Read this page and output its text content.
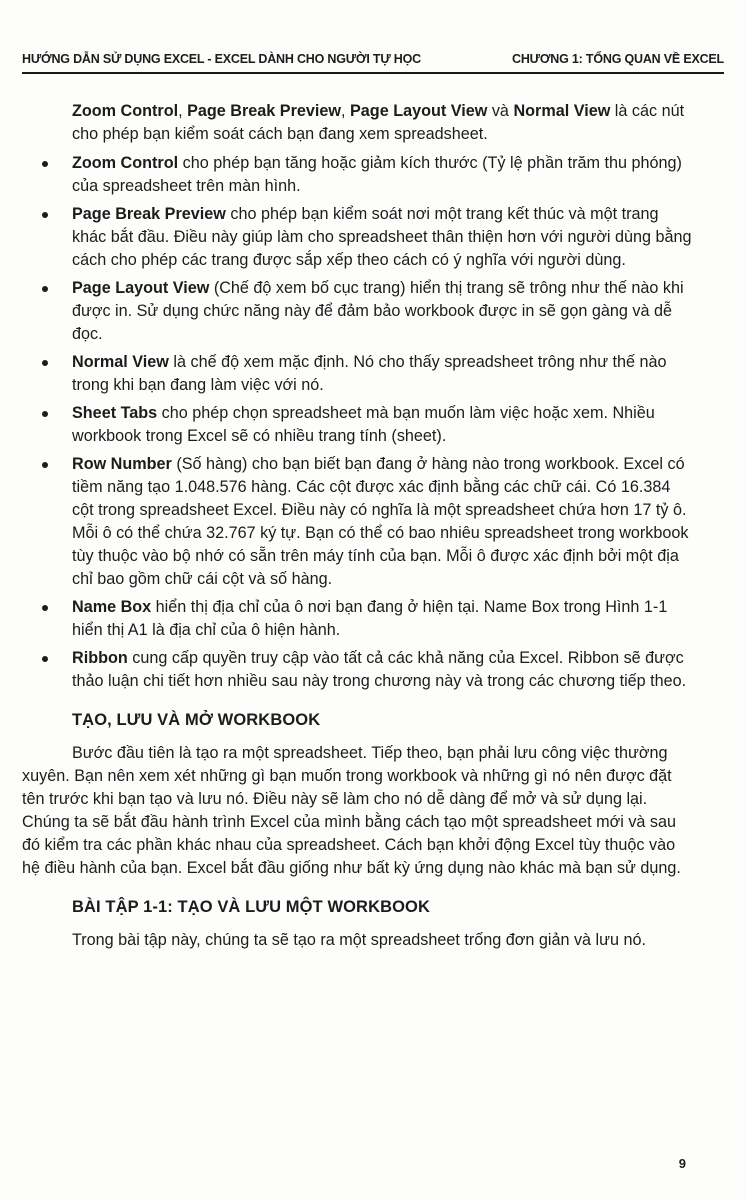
HƯỚNG DẪN SỬ DỤNG EXCEL - EXCEL DÀNH CHO NGƯỜI TỰ HỌC	CHƯƠNG 1: TỔNG QUAN VỀ EXCEL

Zoom Control, Page Break Preview, Page Layout View và Normal View là các nút cho phép bạn kiểm soát cách bạn đang xem spreadsheet.

Zoom Control cho phép bạn tăng hoặc giảm kích thước (Tỷ lệ phần trăm thu phóng) của spreadsheet trên màn hình.
Page Break Preview cho phép bạn kiểm soát nơi một trang kết thúc và một trang khác bắt đầu. Điều này giúp làm cho spreadsheet thân thiện hơn với người dùng bằng cách cho phép các trang được sắp xếp theo cách có ý nghĩa với người dùng.
Page Layout View (Chế độ xem bố cục trang) hiển thị trang sẽ trông như thế nào khi được in. Sử dụng chức năng này để đảm bảo workbook được in sẽ gọn gàng và dễ đọc.
Normal View là chế độ xem mặc định. Nó cho thấy spreadsheet trông như thế nào trong khi bạn đang làm việc với nó.
Sheet Tabs cho phép chọn spreadsheet mà bạn muốn làm việc hoặc xem. Nhiều workbook trong Excel sẽ có nhiều trang tính (sheet).
Row Number (Số hàng) cho bạn biết bạn đang ở hàng nào trong workbook. Excel có tiềm năng tạo 1.048.576 hàng. Các cột được xác định bằng các chữ cái. Có 16.384 cột trong spreadsheet Excel. Điều này có nghĩa là một spreadsheet chứa hơn 17 tỷ ô. Mỗi ô có thể chứa 32.767 ký tự. Bạn có thể có bao nhiêu spreadsheet trong workbook tùy thuộc vào bộ nhớ có sẵn trên máy tính của bạn. Mỗi ô được xác định bởi một địa chỉ bao gồm chữ cái cột và số hàng.
Name Box hiển thị địa chỉ của ô nơi bạn đang ở hiện tại. Name Box trong Hình 1-1 hiển thị A1 là địa chỉ của ô hiện hành.
Ribbon cung cấp quyền truy cập vào tất cả các khả năng của Excel. Ribbon sẽ được thảo luận chi tiết hơn nhiều sau này trong chương này và trong các chương tiếp theo.
TẠO, LƯU VÀ MỞ WORKBOOK

Bước đầu tiên là tạo ra một spreadsheet. Tiếp theo, bạn phải lưu công việc thường xuyên. Bạn nên xem xét những gì bạn muốn trong workbook và những gì nó nên được đặt tên trước khi bạn tạo và lưu nó. Điều này sẽ làm cho nó dễ dàng để mở và sử dụng lại. Chúng ta sẽ bắt đầu hành trình Excel của mình bằng cách tạo một spreadsheet mới và sau đó kiểm tra các phần khác nhau của spreadsheet. Cách bạn khởi động Excel tùy thuộc vào hệ điều hành của bạn. Excel bắt đầu giống như bất kỳ ứng dụng nào khác mà bạn sử dụng.

BÀI TẬP 1-1: TẠO VÀ LƯU MỘT WORKBOOK

Trong bài tập này, chúng ta sẽ tạo ra một spreadsheet trống đơn giản và lưu nó.

9
